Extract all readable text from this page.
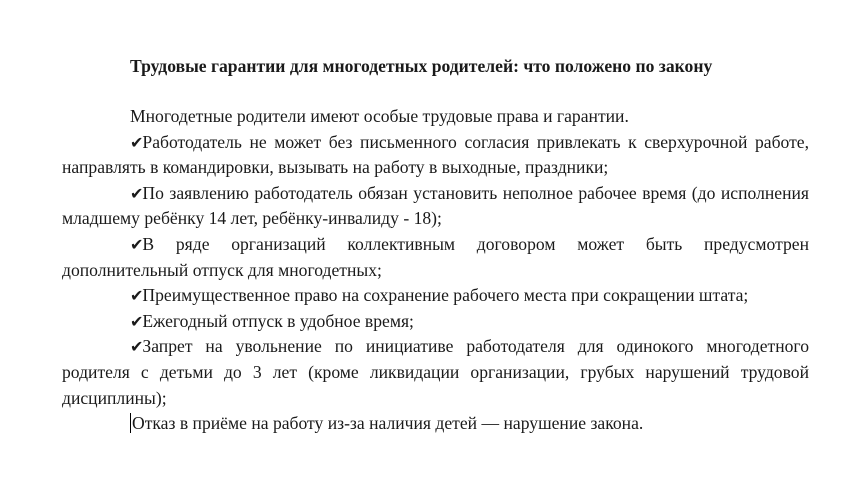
Трудовые гарантии для многодетных родителей: что положено по закону

Многодетные родители имеют особые трудовые права и гарантии.

✔Работодатель не может без письменного согласия привлекать к сверхурочной работе, направлять в командировки, вызывать на работу в выходные, праздники;

✔По заявлению работодатель обязан установить неполное рабочее время (до исполнения младшему ребёнку 14 лет, ребёнку-инвалиду - 18);

✔В ряде организаций коллективным договором может быть предусмотрен дополнительный отпуск для многодетных;

✔Преимущественное право на сохранение рабочего места при сокращении штата;

✔Ежегодный отпуск в удобное время;

✔Запрет на увольнение по инициативе работодателя для одинокого многодетного родителя с детьми до 3 лет (кроме ликвидации организации, грубых нарушений трудовой дисциплины);

Отказ в приёме на работу из-за наличия детей — нарушение закона.
